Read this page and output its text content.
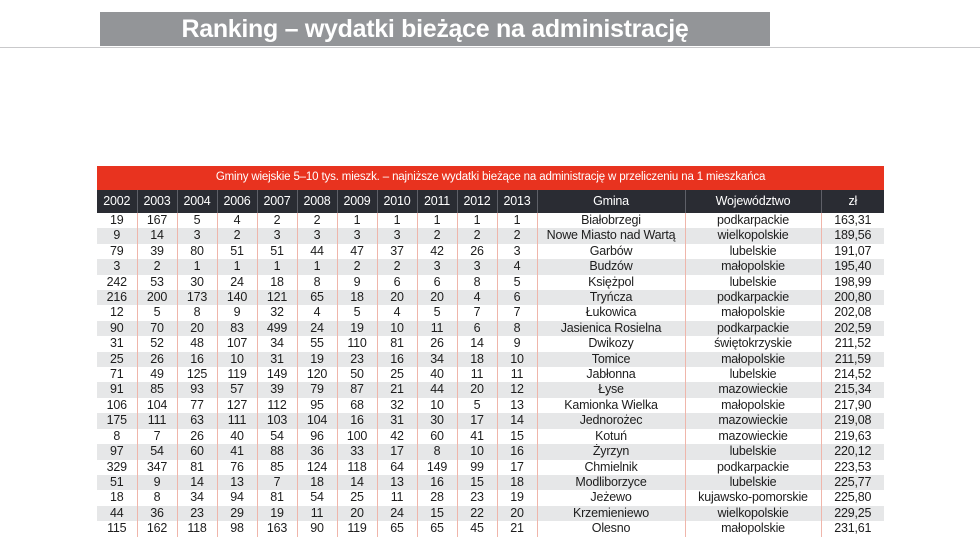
Ranking – wydatki bieżące na administrację
Gminy wiejskie 5–10 tys. mieszk. – najniższe wydatki bieżące na administrację w przeliczeniu na 1 mieszkańca													
2002	2003	2004	2006	2007	2008	2009	2010	2011	2012	2013	Gmina	Województwo	zł
19	167	5	4	2	2	1	1	1	1	1	Białobrzegi	podkarpackie	163,31
9	14	3	2	3	3	3	3	2	2	2	Nowe Miasto nad Wartą	wielkopolskie	189,56
79	39	80	51	51	44	47	37	42	26	3	Garbów	lubelskie	191,07
3	2	1	1	1	1	2	2	3	3	4	Budzów	małopolskie	195,40
242	53	30	24	18	8	9	6	6	8	5	Księżpol	lubelskie	198,99
216	200	173	140	121	65	18	20	20	4	6	Tryńcza	podkarpackie	200,80
12	5	8	9	32	4	5	4	5	7	7	Łukowica	małopolskie	202,08
90	70	20	83	499	24	19	10	11	6	8	Jasienica Rosielna	podkarpackie	202,59
31	52	48	107	34	55	110	81	26	14	9	Dwikozy	świętokrzyskie	211,52
25	26	16	10	31	19	23	16	34	18	10	Tomice	małopolskie	211,59
71	49	125	119	149	120	50	25	40	11	11	Jabłonna	lubelskie	214,52
91	85	93	57	39	79	87	21	44	20	12	Łyse	mazowieckie	215,34
106	104	77	127	112	95	68	32	10	5	13	Kamionka Wielka	małopolskie	217,90
175	111	63	111	103	104	16	31	30	17	14	Jednorożec	mazowieckie	219,08
8	7	26	40	54	96	100	42	60	41	15	Kotuń	mazowieckie	219,63
97	54	60	41	88	36	33	17	8	10	16	Żyrzyn	lubelskie	220,12
329	347	81	76	85	124	118	64	149	99	17	Chmielnik	podkarpackie	223,53
51	9	14	13	7	18	14	13	16	15	18	Modliborzyce	lubelskie	225,77
18	8	34	94	81	54	25	11	28	23	19	Jeżewo	kujawsko-pomorskie	225,80
44	36	23	29	19	11	20	24	15	22	20	Krzemieniewo	wielkopolskie	229,25
115	162	118	98	163	90	119	65	65	45	21	Olesno	małopolskie	231,61
